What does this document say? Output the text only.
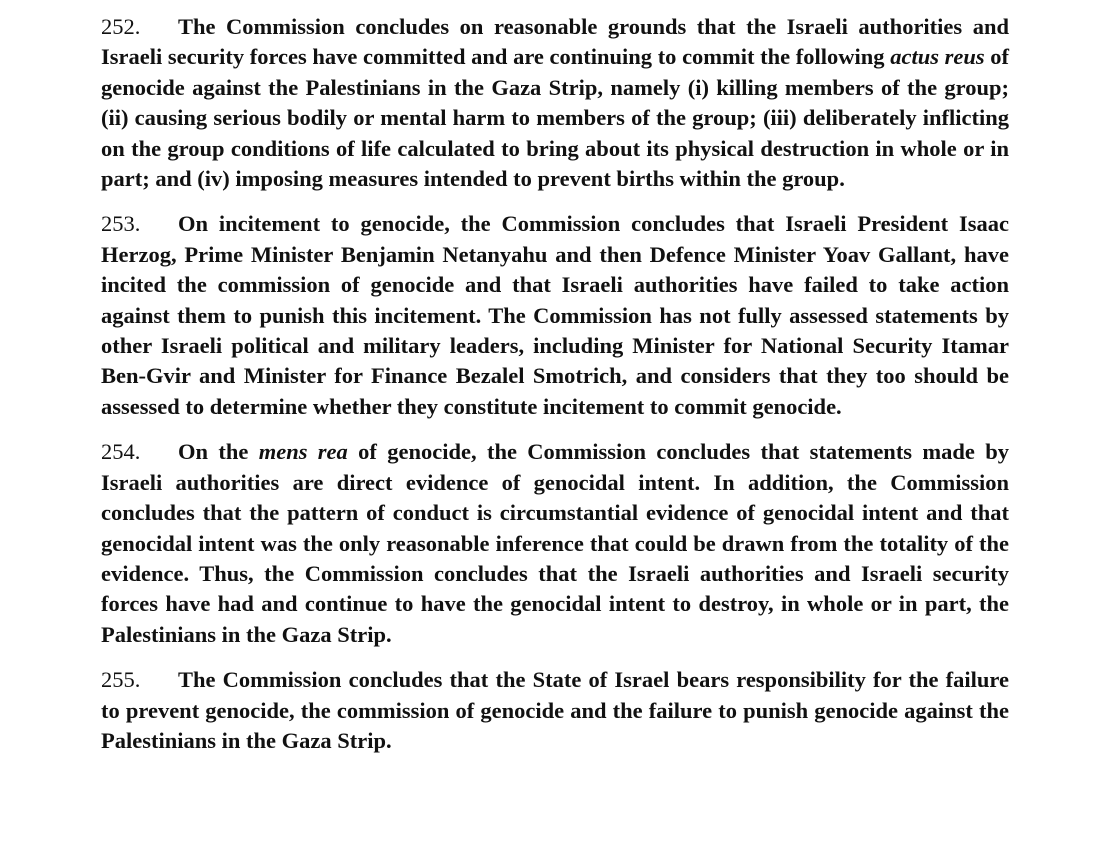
252. The Commission concludes on reasonable grounds that the Israeli authorities and Israeli security forces have committed and are continuing to commit the following actus reus of genocide against the Palestinians in the Gaza Strip, namely (i) killing members of the group; (ii) causing serious bodily or mental harm to members of the group; (iii) deliberately inflicting on the group conditions of life calculated to bring about its physical destruction in whole or in part; and (iv) imposing measures intended to prevent births within the group.

253. On incitement to genocide, the Commission concludes that Israeli President Isaac Herzog, Prime Minister Benjamin Netanyahu and then Defence Minister Yoav Gallant, have incited the commission of genocide and that Israeli authorities have failed to take action against them to punish this incitement. The Commission has not fully assessed statements by other Israeli political and military leaders, including Minister for National Security Itamar Ben-Gvir and Minister for Finance Bezalel Smotrich, and considers that they too should be assessed to determine whether they constitute incitement to commit genocide.

254. On the mens rea of genocide, the Commission concludes that statements made by Israeli authorities are direct evidence of genocidal intent. In addition, the Commission concludes that the pattern of conduct is circumstantial evidence of genocidal intent and that genocidal intent was the only reasonable inference that could be drawn from the totality of the evidence. Thus, the Commission concludes that the Israeli authorities and Israeli security forces have had and continue to have the genocidal intent to destroy, in whole or in part, the Palestinians in the Gaza Strip.

255. The Commission concludes that the State of Israel bears responsibility for the failure to prevent genocide, the commission of genocide and the failure to punish genocide against the Palestinians in the Gaza Strip.
